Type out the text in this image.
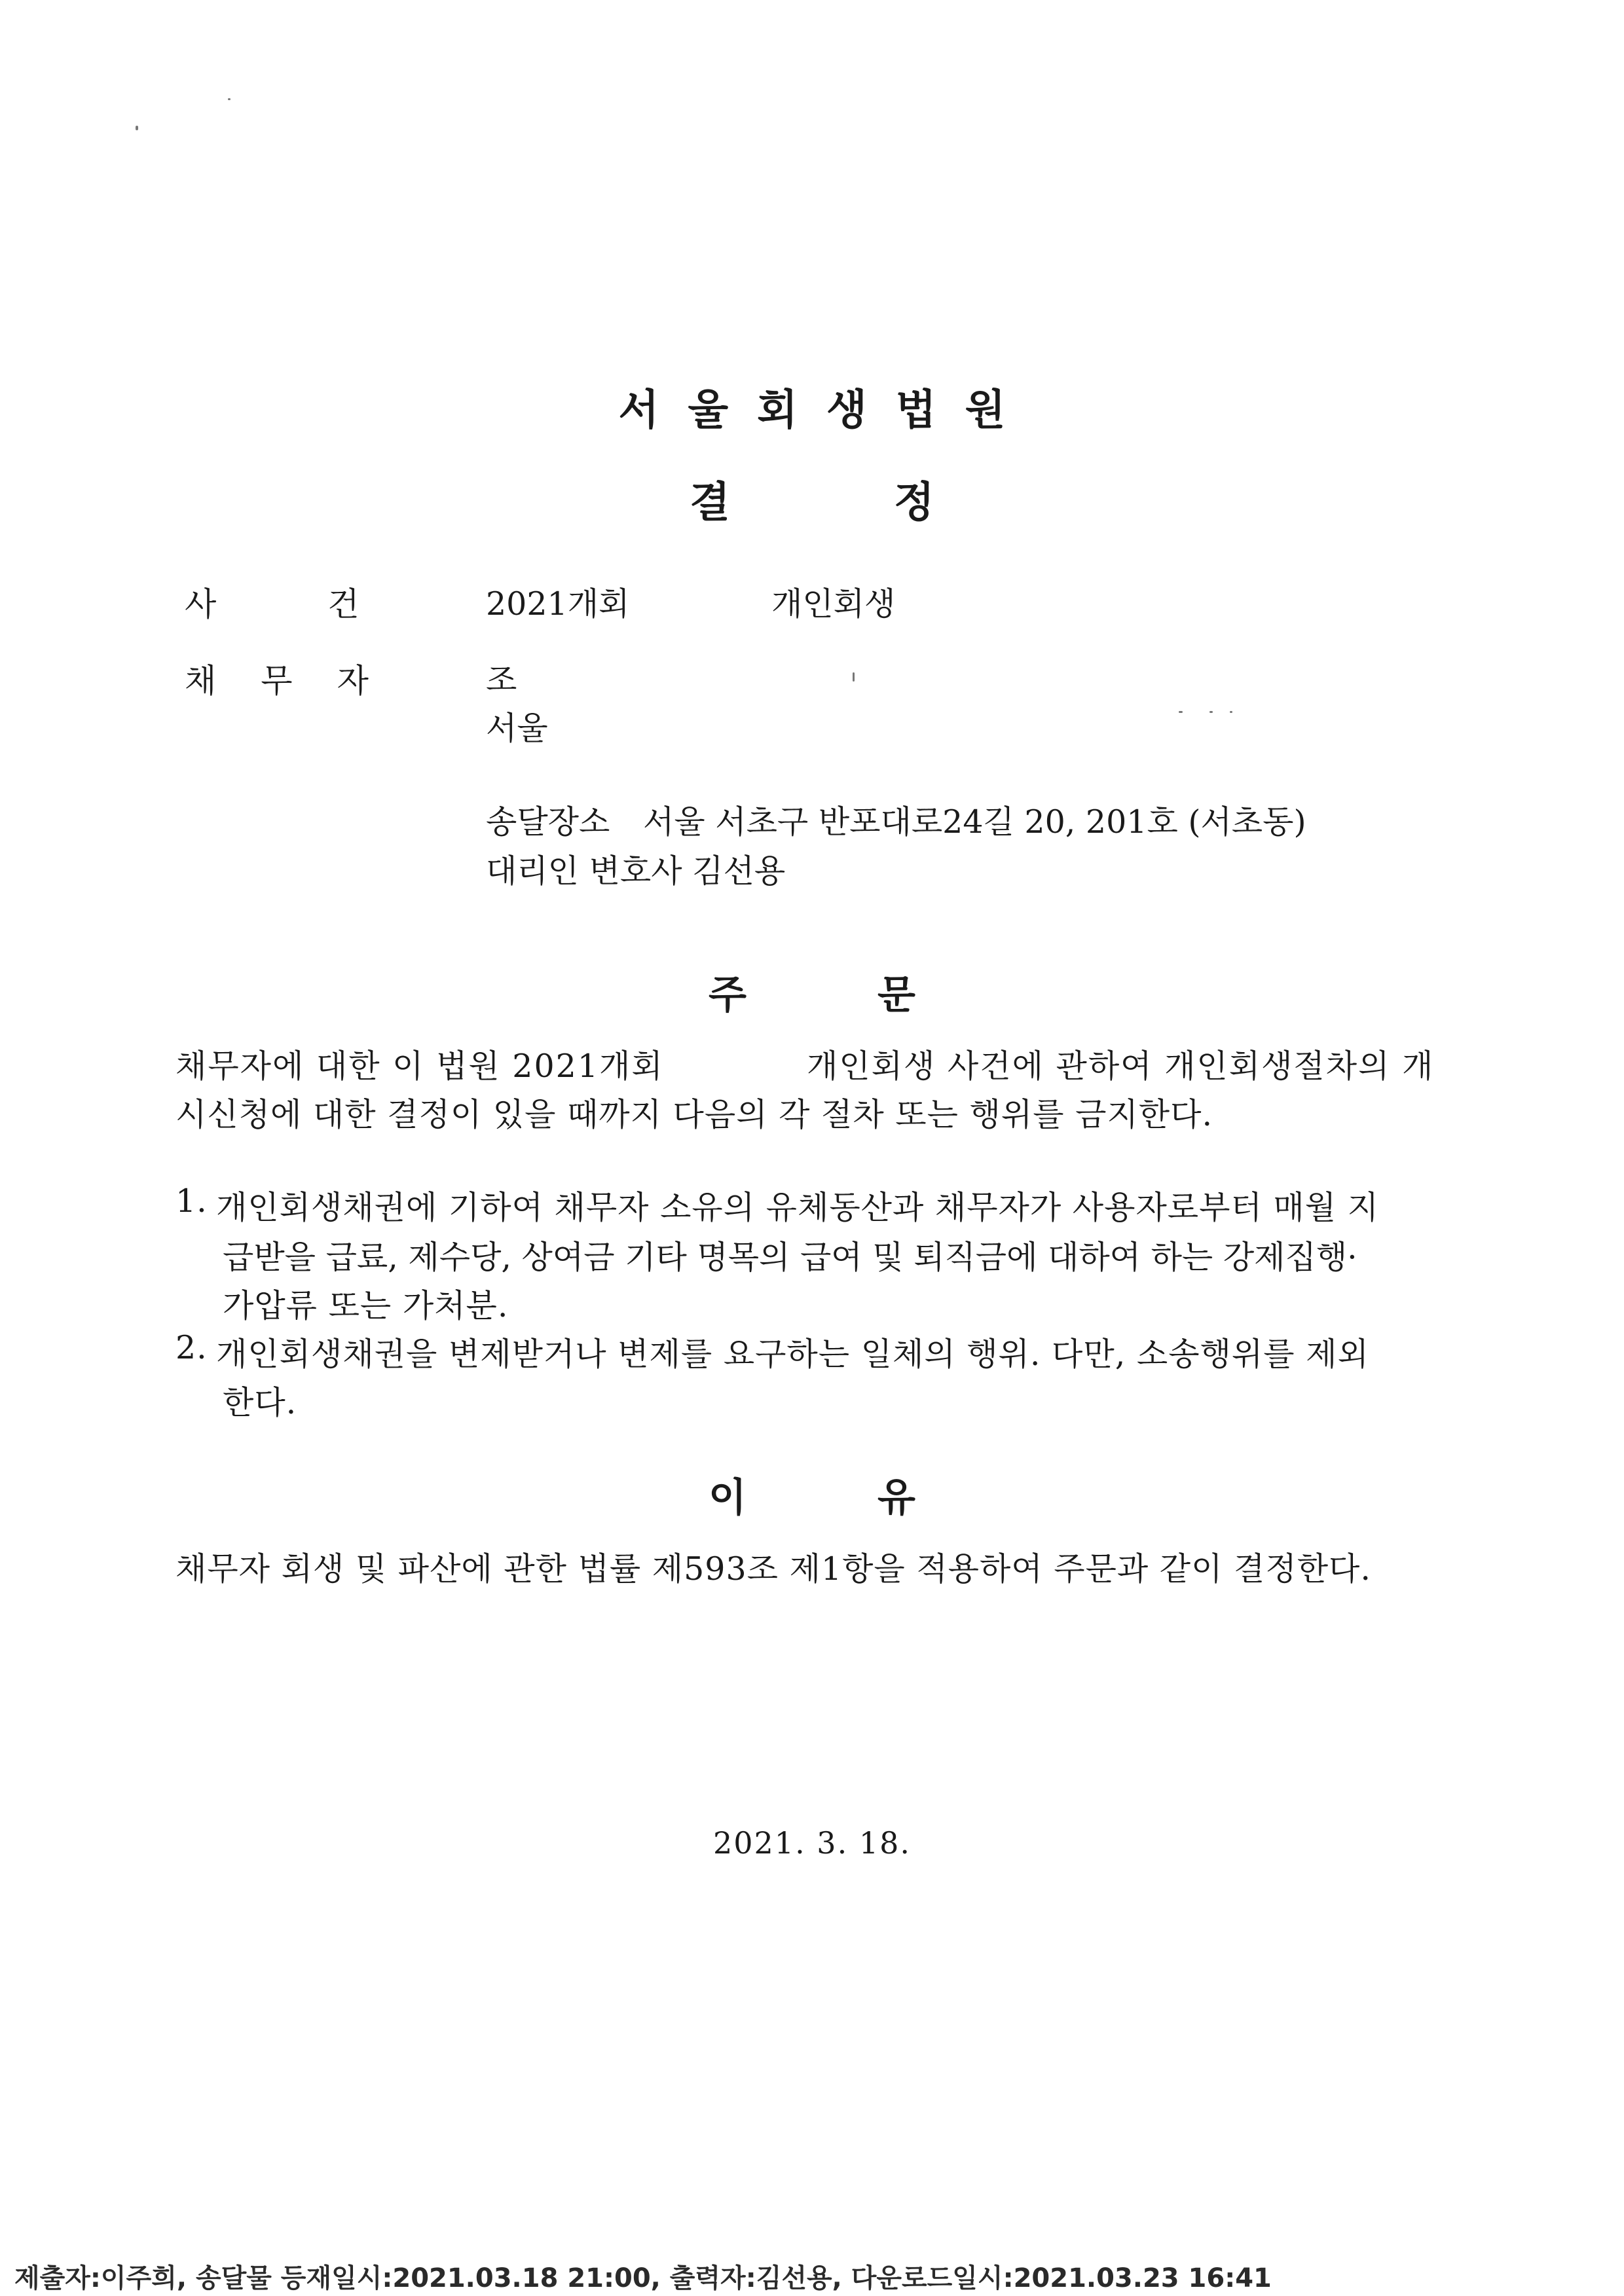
서울회생법원
결정
사건 2021개회	개인회생
채무자 조
서울
송달장소 서울 서초구 반포대로24길 20, 201호 (서초동)
대리인 변호사 김선용
주문
채무자에 대한 이 법원 2021개회	개인회생 사건에 관하여 개인회생절차의 개
시신청에 대한 결정이 있을 때까지 다음의 각 절차 또는 행위를 금지한다.
1. 개인회생채권에 기하여 채무자 소유의 유체동산과 채무자가 사용자로부터 매월 지
급받을 급료, 제수당, 상여금 기타 명목의 급여 및 퇴직금에 대하여 하는 강제집행·
가압류 또는 가처분.
2. 개인회생채권을 변제받거나 변제를 요구하는 일체의 행위. 다만, 소송행위를 제외
한다.
이유
채무자 회생 및 파산에 관한 법률 제593조 제1항을 적용하여 주문과 같이 결정한다.
2021. 3. 18.
제출자:이주희, 송달물 등재일시:2021.03.18 21:00, 출력자:김선용, 다운로드일시:2021.03.23 16:41
